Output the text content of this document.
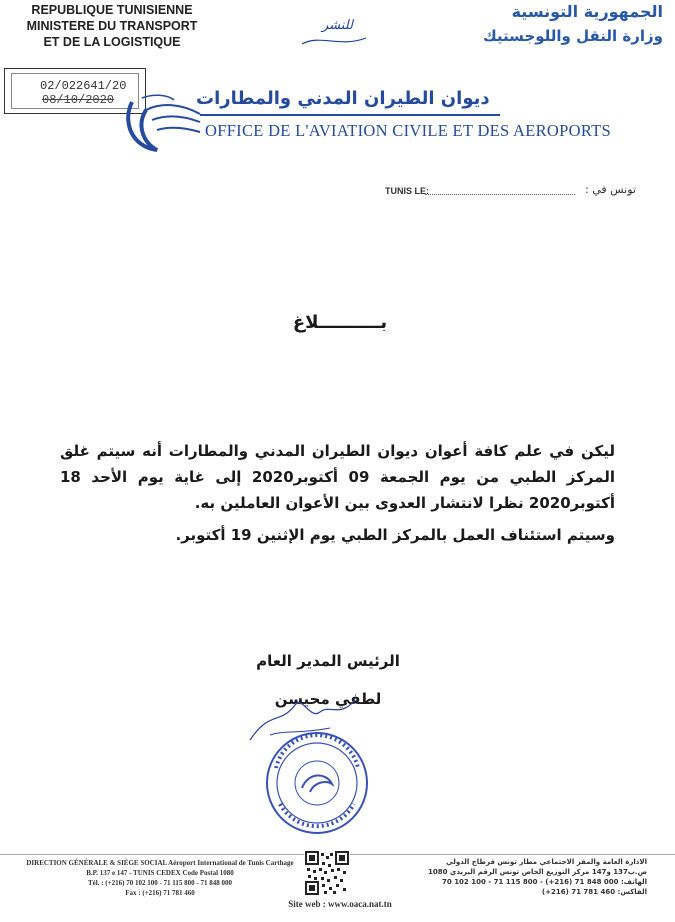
REPUBLIQUE TUNISIENNE
MINISTERE DU TRANSPORT
ET DE LA LOGISTIQUE
للنشر
الجمهورية التونسية
وزارة النقل واللوجستيك
02/022641/20
08/10/2020	ديوان الطيران المدني والمطارات
OFFICE DE L'AVIATION CIVILE ET DES AEROPORTS
TUNIS LE:	تونس في :
بــــــــــلاغ

ليكن في علم كافة أعوان ديوان الطيران المدني والمطارات أنه سيتم غلق المركز الطبي من يوم الجمعة 09 أكتوبر2020 إلى غاية يوم الأحد 18 أكتوبر2020 نظرا لانتشار العدوى بين الأعوان العاملين به.

وسيتم استئناف العمل بالمركز الطبي يوم الإثنين 19 أكتوبر.

الرئيس المدير العام
لطفي محيسن
DIRECTION GÉNÉRALE & SIÈGE SOCIAL Aéroport International de Tunis Carthage
B.P. 137 e 147 - TUNIS CEDEX Code Postal 1080
Tél. : (+216) 70 102 100 - 71 115 800 - 71 848 000
Fax : (+216) 71 781 460
الادارة العامة والمقر الاجتماعي مطار تونس قرطاج الدولي
ص.ب137 و147 مركز التوزيع الخاص تونس الرقم البريدي 1080
الهاتف: 000 848 71 (216+) - 800 115 71 - 100 102 70
الفاكس: 460 781 71 (216+)
Site web : www.oaca.nat.tn
